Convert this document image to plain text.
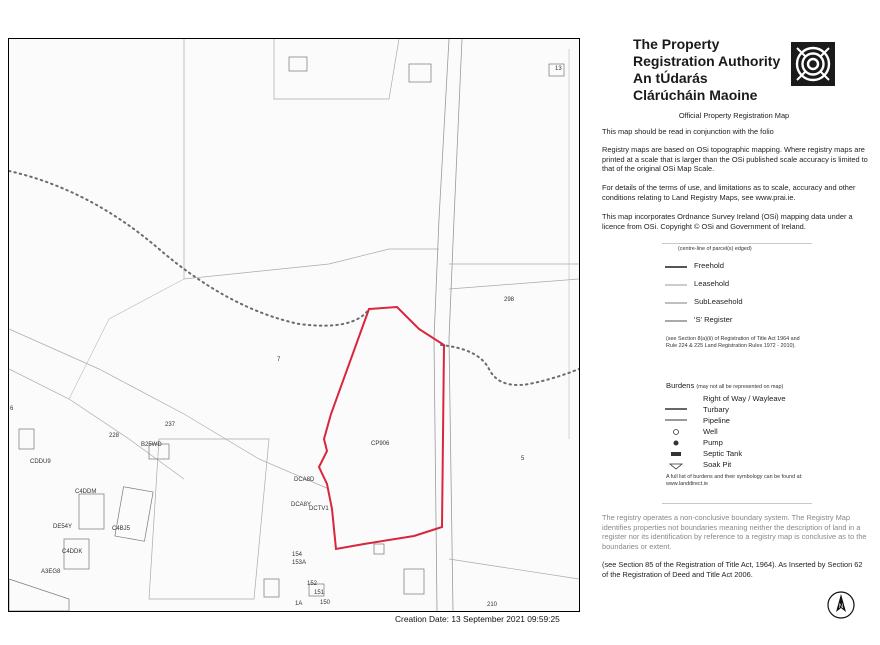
13
298
7
6
237
228
5
B25WD
CDDU9
C4DDM
DE54Y	C4BJ5
C4DDK
A3EG8
DCA8D
DCA8Y
DCTV1
154
153A
152
151
150
1A	210
CP906
The Property
Registration Authority
An tÚdarás
Clárúcháin Maoine
Official Property Registration Map
This map should be read in conjunction with the folio
Registry maps are based on OSi topographic mapping. Where registry maps are printed at a scale that is larger than the OSi published scale accuracy is limited to that of the original OSi Map Scale.
For details of the terms of use, and limitations as to scale, accuracy and other conditions relating to Land Registry Maps, see www.prai.ie.
This map incorporates Ordnance Survey Ireland (OSi) mapping data under a licence from OSi. Copyright © OSi and Government of Ireland.
(centre-line of parcel(s) edged)
Freehold
Leasehold
SubLeasehold
'S' Register
(see Section 8(a)(ii) of Registration of Title Act 1964 and Rule 224 & 225 Land Registration Rules 1972 - 2010).
Burdens (may not all be represented on map)
Right of Way / Wayleave
Turbary
Pipeline
Well
Pump
Septic Tank
Soak Pit
A full list of burdens and their symbology can be found at: www.landdirect.ie
The registry operates a non-conclusive boundary system. The Registry Map identifies properties not boundaries meaning neither the description of land in a register nor its identification by reference to a registry map is conclusive as to the boundaries or extent.
(see Section 85 of the Registration of Title Act, 1964). As Inserted by Section 62 of the Registration of Deed and Title Act 2006.
Creation Date: 13 September 2021 09:59:25
N
